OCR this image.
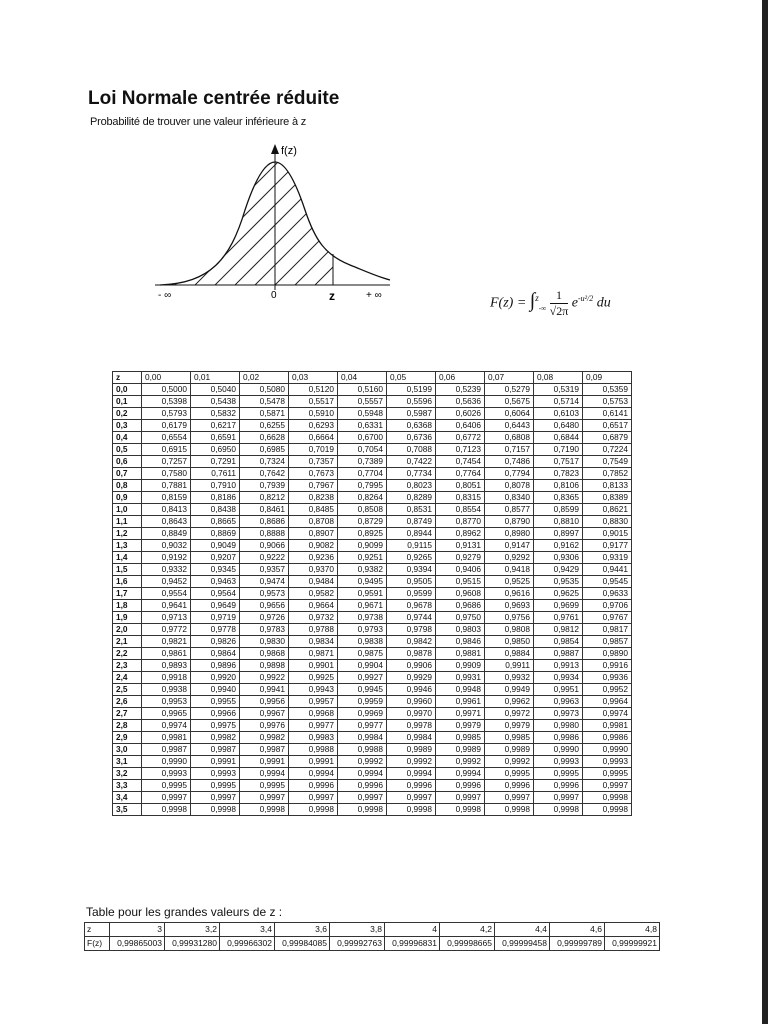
Loi Normale centrée réduite
Probabilité de trouver une valeur inférieure à z
f(z)
- ∞	0	z	+ ∞
$F(z) = \int^z_{-\infty} \frac{1}{√2\pi} e^{-u^2/2}$ du
z	0,00	0,01	0,02	0,03	0,04	0,05	0,06	0,07	0,08	0,09
0,0	0,5000	0,5040	0,5080	0,5120	0,5160	0,5199	0,5239	0,5279	0,5319	0,5359
0,1	0,5398	0,5438	0,5478	0,5517	0,5557	0,5596	0,5636	0,5675	0,5714	0,5753
0,2	0,5793	0,5832	0,5871	0,5910	0,5948	0,5987	0,6026	0,6064	0,6103	0,6141
0,3	0,6179	0,6217	0,6255	0,6293	0,6331	0,6368	0,6406	0,6443	0,6480	0,6517
0,4	0,6554	0,6591	0,6628	0,6664	0,6700	0,6736	0,6772	0,6808	0,6844	0,6879
0,5	0,6915	0,6950	0,6985	0,7019	0,7054	0,7088	0,7123	0,7157	0,7190	0,7224
0,6	0,7257	0,7291	0,7324	0,7357	0,7389	0,7422	0,7454	0,7486	0,7517	0,7549
0,7	0,7580	0,7611	0,7642	0,7673	0,7704	0,7734	0,7764	0,7794	0,7823	0,7852
0,8	0,7881	0,7910	0,7939	0,7967	0,7995	0,8023	0,8051	0,8078	0,8106	0,8133
0,9	0,8159	0,8186	0,8212	0,8238	0,8264	0,8289	0,8315	0,8340	0,8365	0,8389
1,0	0,8413	0,8438	0,8461	0,8485	0,8508	0,8531	0,8554	0,8577	0,8599	0,8621
1,1	0,8643	0,8665	0,8686	0,8708	0,8729	0,8749	0,8770	0,8790	0,8810	0,8830
1,2	0,8849	0,8869	0,8888	0,8907	0,8925	0,8944	0,8962	0,8980	0,8997	0,9015
1,3	0,9032	0,9049	0,9066	0,9082	0,9099	0,9115	0,9131	0,9147	0,9162	0,9177
1,4	0,9192	0,9207	0,9222	0,9236	0,9251	0,9265	0,9279	0,9292	0,9306	0,9319
1,5	0,9332	0,9345	0,9357	0,9370	0,9382	0,9394	0,9406	0,9418	0,9429	0,9441
1,6	0,9452	0,9463	0,9474	0,9484	0,9495	0,9505	0,9515	0,9525	0,9535	0,9545
1,7	0,9554	0,9564	0,9573	0,9582	0,9591	0,9599	0,9608	0,9616	0,9625	0,9633
1,8	0,9641	0,9649	0,9656	0,9664	0,9671	0,9678	0,9686	0,9693	0,9699	0,9706
1,9	0,9713	0,9719	0,9726	0,9732	0,9738	0,9744	0,9750	0,9756	0,9761	0,9767
2,0	0,9772	0,9778	0,9783	0,9788	0,9793	0,9798	0,9803	0,9808	0,9812	0,9817
2,1	0,9821	0,9826	0,9830	0,9834	0,9838	0,9842	0,9846	0,9850	0,9854	0,9857
2,2	0,9861	0,9864	0,9868	0,9871	0,9875	0,9878	0,9881	0,9884	0,9887	0,9890
2,3	0,9893	0,9896	0,9898	0,9901	0,9904	0,9906	0,9909	0,9911	0,9913	0,9916
2,4	0,9918	0,9920	0,9922	0,9925	0,9927	0,9929	0,9931	0,9932	0,9934	0,9936
2,5	0,9938	0,9940	0,9941	0,9943	0,9945	0,9946	0,9948	0,9949	0,9951	0,9952
2,6	0,9953	0,9955	0,9956	0,9957	0,9959	0,9960	0,9961	0,9962	0,9963	0,9964
2,7	0,9965	0,9966	0,9967	0,9968	0,9969	0,9970	0,9971	0,9972	0,9973	0,9974
2,8	0,9974	0,9975	0,9976	0,9977	0,9977	0,9978	0,9979	0,9979	0,9980	0,9981
2,9	0,9981	0,9982	0,9982	0,9983	0,9984	0,9984	0,9985	0,9985	0,9986	0,9986
3,0	0,9987	0,9987	0,9987	0,9988	0,9988	0,9989	0,9989	0,9989	0,9990	0,9990
3,1	0,9990	0,9991	0,9991	0,9991	0,9992	0,9992	0,9992	0,9992	0,9993	0,9993
3,2	0,9993	0,9993	0,9994	0,9994	0,9994	0,9994	0,9994	0,9995	0,9995	0,9995
3,3	0,9995	0,9995	0,9995	0,9996	0,9996	0,9996	0,9996	0,9996	0,9996	0,9997
3,4	0,9997	0,9997	0,9997	0,9997	0,9997	0,9997	0,9997	0,9997	0,9997	0,9998
3,5	0,9998	0,9998	0,9998	0,9998	0,9998	0,9998	0,9998	0,9998	0,9998	0,9998
Table pour les grandes valeurs de z :
z	3	3,2	3,4	3,6	3,8	4	4,2	4,4	4,6	4,8
F(z)	0,99865003	0,99931280	0,99966302	0,99984085	0,99992763	0,99996831	0,99998665	0,99999458	0,99999789	0,99999921
